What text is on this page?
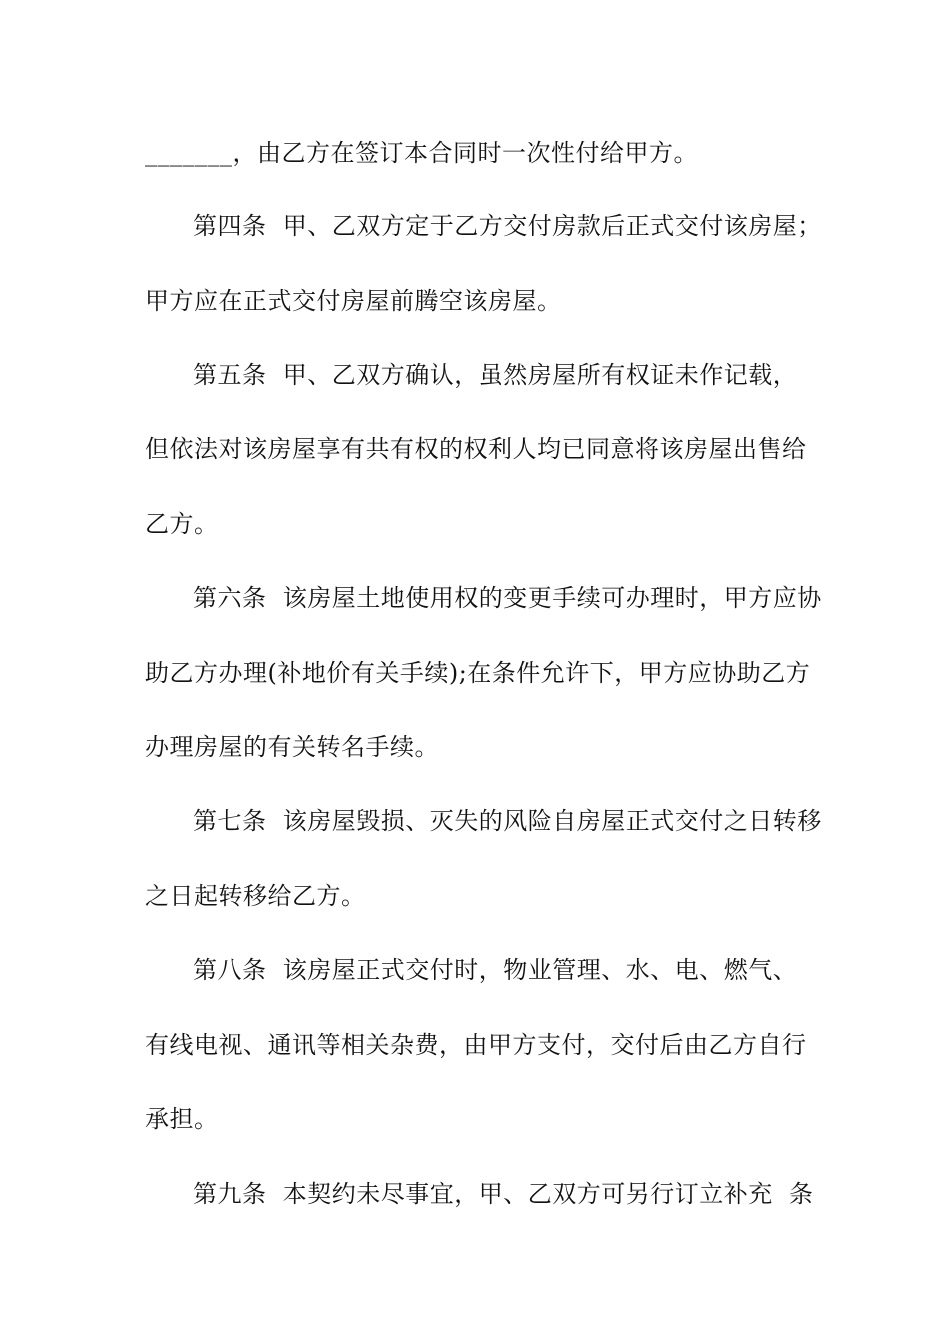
_______，由乙方在签订本合同时一次性付给甲方。
第四条  甲、乙双方定于乙方交付房款后正式交付该房屋；
甲方应在正式交付房屋前腾空该房屋。
第五条  甲、乙双方确认，虽然房屋所有权证未作记载，
但依法对该房屋享有共有权的权利人均已同意将该房屋出售给
乙方。
第六条  该房屋土地使用权的变更手续可办理时，甲方应协
助乙方办理(补地价有关手续);在条件允许下，甲方应协助乙方
办理房屋的有关转名手续。
第七条  该房屋毁损、灭失的风险自房屋正式交付之日转移
之日起转移给乙方。
第八条  该房屋正式交付时，物业管理、水、电、燃气、
有线电视、通讯等相关杂费，由甲方支付，交付后由乙方自行
承担。
第九条  本契约未尽事宜，甲、乙双方可另行订立补充  条
